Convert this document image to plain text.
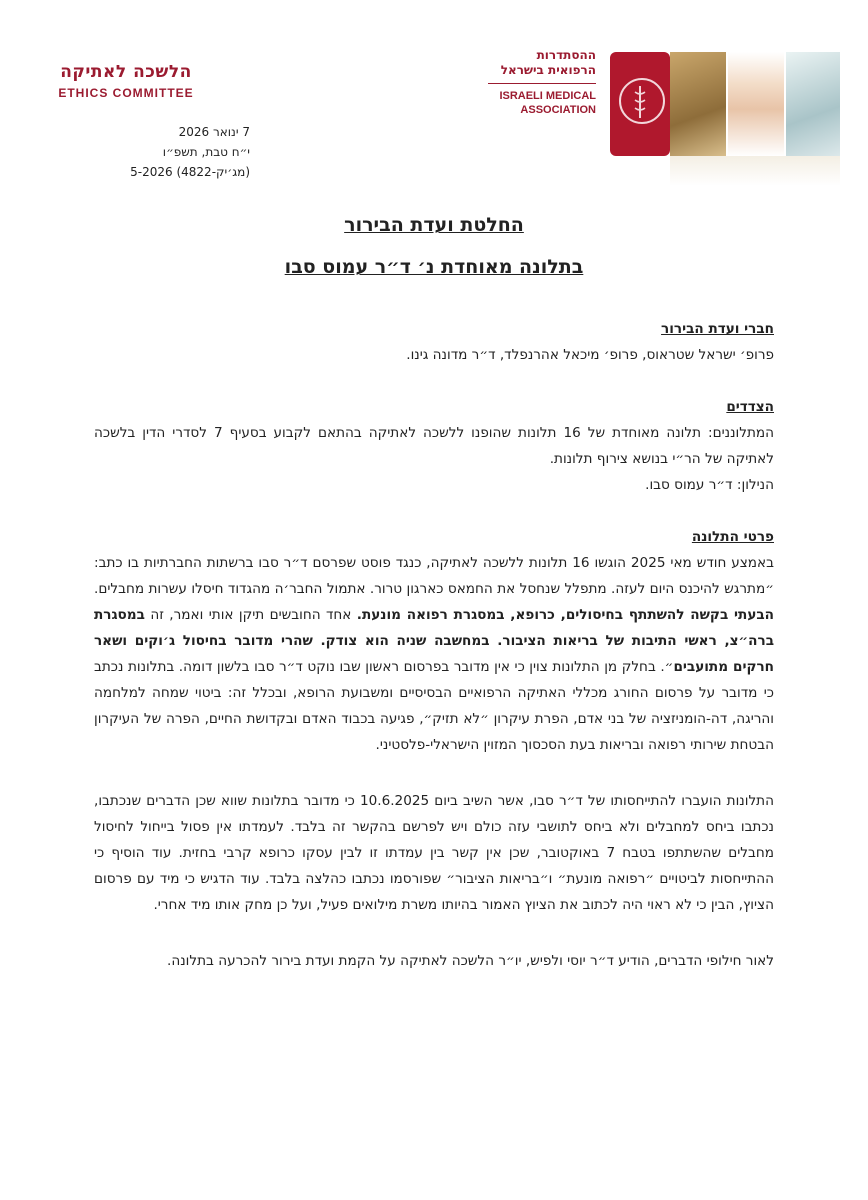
הלשכה לאתיקה
ETHICS COMMITTEE
7 ינואר 2026
י״ח טבת, תשפ״ו
(מג׳יק-4822) 5-2026
ההסתדרות
הרפואית בישראל
ISRAELI MEDICAL
ASSOCIATION
החלטת ועדת הבירור
בתלונה מאוחדת נ׳ ד״ר עמוס סבו

חברי ועדת הבירור

פרופ׳ ישראל שטראוס, פרופ׳ מיכאל אהרנפלד, ד״ר מדונה גינו.

הצדדים

המתלוננים: תלונה מאוחדת של 16 תלונות שהופנו ללשכה לאתיקה בהתאם לקבוע בסעיף 7 לסדרי הדין בלשכה לאתיקה של הר״י בנושא צירוף תלונות.

הנילון: ד״ר עמוס סבו.

פרטי התלונה

באמצע חודש מאי 2025 הוגשו 16 תלונות ללשכה לאתיקה, כנגד פוסט שפרסם ד״ר סבו ברשתות החברתיות בו כתב: ״מתרגש להיכנס היום לעזה. מתפלל שנחסל את החמאס כארגון טרור. אתמול החבר׳ה מהגדוד חיסלו עשרות מחבלים. הבעתי בקשה להשתתף בחיסולים, כרופא, במסגרת רפואה מונעת. אחד החובשים תיקן אותי ואמר, זה במסגרת ברה״צ, ראשי התיבות של בריאות הציבור. במחשבה שניה הוא צודק. שהרי מדובר בחיסול ג׳וקים ושאר חרקים מתועבים״. בחלק מן התלונות צוין כי אין מדובר בפרסום ראשון שבו נוקט ד״ר סבו בלשון דומה. בתלונות נכתב כי מדובר על פרסום החורג מכללי האתיקה הרפואיים הבסיסיים ומשבועת הרופא, ובכלל זה: ביטוי שמחה למלחמה והריגה, דה-הומניזציה של בני אדם, הפרת עיקרון ״לא תזיק״, פגיעה בכבוד האדם ובקדושת החיים, הפרה של העיקרון הבטחת שירותי רפואה ובריאות בעת הסכסוך המזוין הישראלי-פלסטיני.

התלונות הועברו להתייחסותו של ד״ר סבו, אשר השיב ביום 10.6.2025 כי מדובר בתלונות שווא שכן הדברים שנכתבו, נכתבו ביחס למחבלים ולא ביחס לתושבי עזה כולם ויש לפרשם בהקשר זה בלבד. לעמדתו אין פסול בייחול לחיסול מחבלים שהשתתפו בטבח 7 באוקטובר, שכן אין קשר בין עמדתו זו לבין עסקו כרופא קרבי בחזית. עוד הוסיף כי ההתייחסות לביטויים ״רפואה מונעת״ ו״בריאות הציבור״ שפורסמו נכתבו כהלצה בלבד. עוד הדגיש כי מיד עם פרסום הציוץ, הבין כי לא ראוי היה לכתוב את הציוץ האמור בהיותו משרת מילואים פעיל, ועל כן מחק אותו מיד אחרי.

לאור חילופי הדברים, הודיע ד״ר יוסי ולפיש, יו״ר הלשכה לאתיקה על הקמת ועדת בירור להכרעה בתלונה.
